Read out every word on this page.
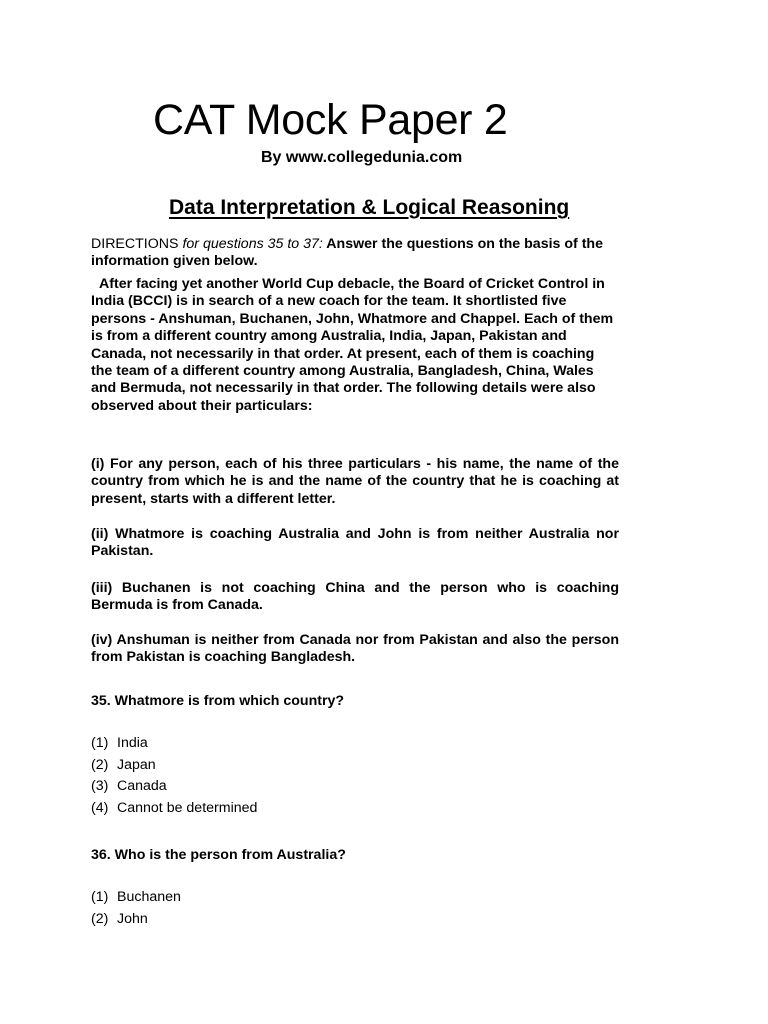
CAT Mock Paper 2
By www.collegedunia.com
Data Interpretation & Logical Reasoning
DIRECTIONS for questions 35 to 37: Answer the questions on the basis of the information given below.
After facing yet another World Cup debacle, the Board of Cricket Control in India (BCCI) is in search of a new coach for the team. It shortlisted five persons - Anshuman, Buchanen, John, Whatmore and Chappel. Each of them is from a different country among Australia, India, Japan, Pakistan and Canada, not necessarily in that order. At present, each of them is coaching the team of a different country among Australia, Bangladesh, China, Wales and Bermuda, not necessarily in that order. The following details were also observed about their particulars:
(i) For any person, each of his three particulars - his name, the name of the country from which he is and the name of the country that he is coaching at present, starts with a different letter.
(ii) Whatmore is coaching Australia and John is from neither Australia nor Pakistan.
(iii) Buchanen is not coaching China and the person who is coaching Bermuda is from Canada.
(iv) Anshuman is neither from Canada nor from Pakistan and also the person from Pakistan is coaching Bangladesh.
35. Whatmore is from which country?
(1) India
(2) Japan
(3) Canada
(4) Cannot be determined
36. Who is the person from Australia?
(1) Buchanen
(2) John
